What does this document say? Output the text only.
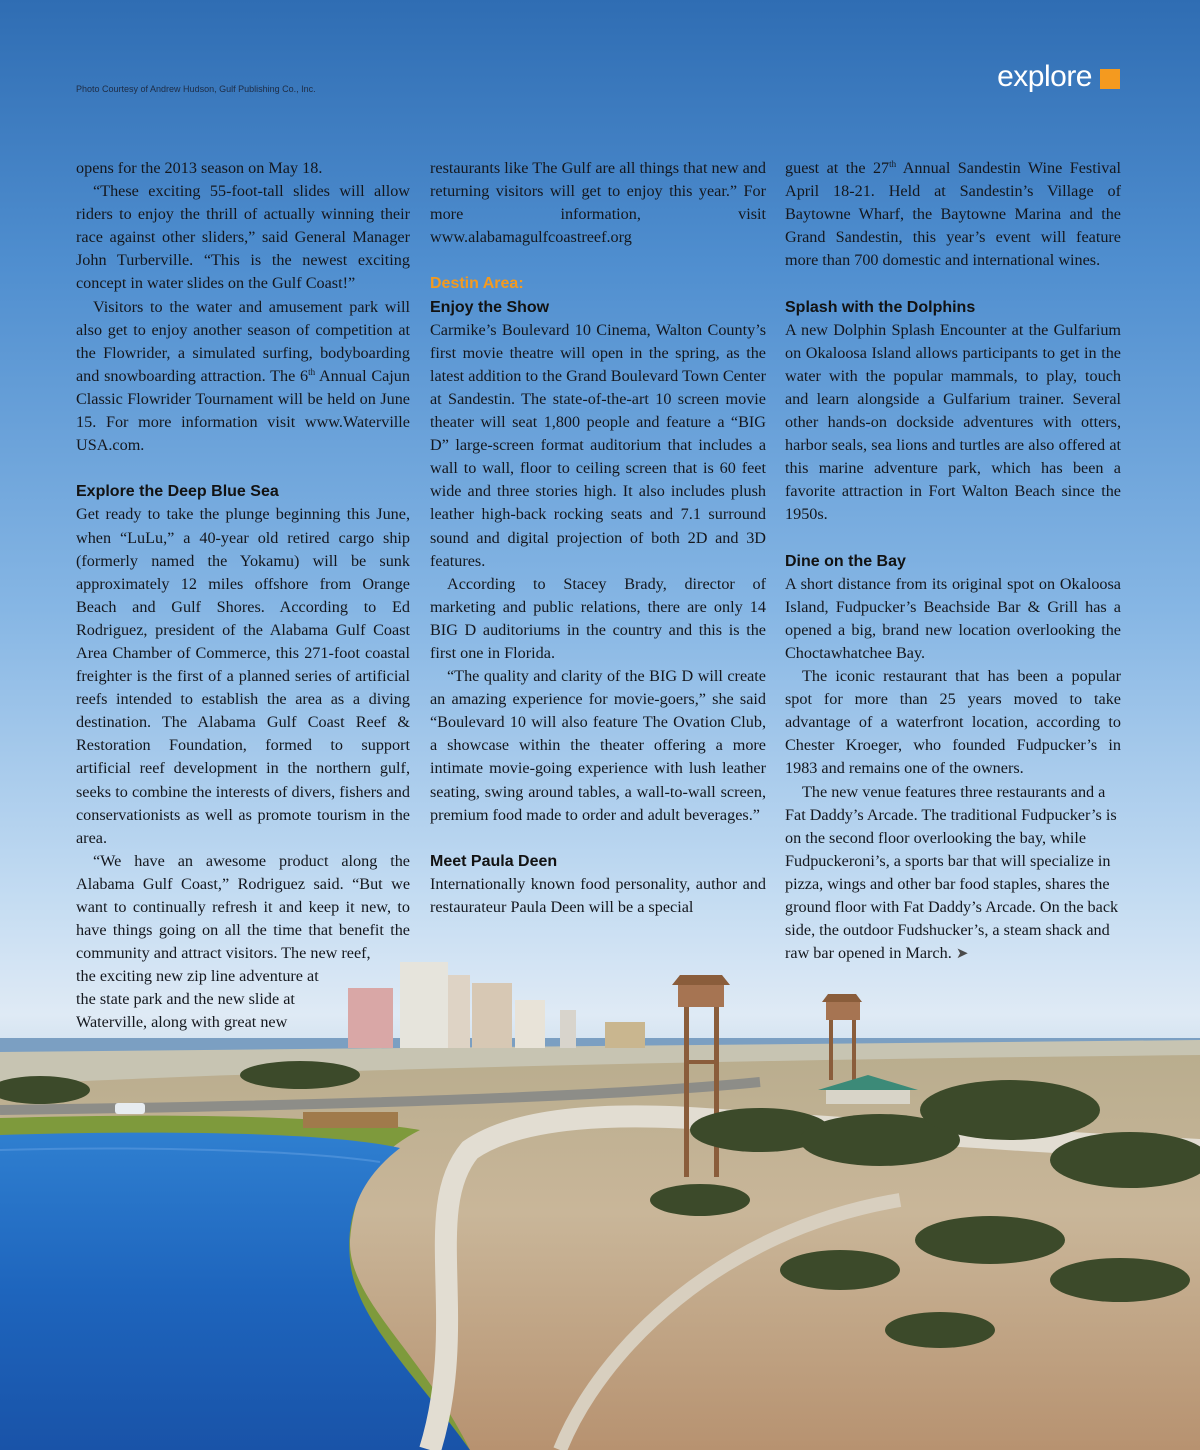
Photo Courtesy of Andrew Hudson, Gulf Publishing Co., Inc.	explore

opens for the 2013 season on May 18.

“These exciting 55-foot-tall slides will allow riders to enjoy the thrill of actually winning their race against other sliders,” said General Manager John Turberville. “This is the newest exciting concept in water slides on the Gulf Coast!”

Visitors to the water and amusement park will also get to enjoy another season of competition at the Flowrider, a simulated surfing, bodyboarding and snowboarding attraction. The 6th Annual Cajun Classic Flowrider Tournament will be held on June 15. For more information visit www.Waterville USA.com.

Explore the Deep Blue Sea

Get ready to take the plunge beginning this June, when “LuLu,” a 40-year old retired cargo ship (formerly named the Yokamu) will be sunk approximately 12 miles offshore from Orange Beach and Gulf Shores. According to Ed Rodriguez, president of the Alabama Gulf Coast Area Chamber of Commerce, this 271-foot coastal freighter is the first of a planned series of artificial reefs intended to establish the area as a diving destination. The Alabama Gulf Coast Reef & Restoration Foundation, formed to support artificial reef development in the northern gulf, seeks to combine the interests of divers, fishers and conservationists as well as promote tourism in the area.

“We have an awesome product along the Alabama Gulf Coast,” Rodriguez said. “But we want to continually refresh it and keep it new, to have things going on all the time that benefit the community and attract visitors. The new reef,

the exciting new zip line adventure at

the state park and the new slide at

Waterville, along with great new

restaurants like The Gulf are all things that new and returning visitors will get to enjoy this year.” For more information, visit www.alabamagulfcoastreef.org

Destin Area:
Enjoy the Show

Carmike’s Boulevard 10 Cinema, Walton County’s first movie theatre will open in the spring, as the latest addition to the Grand Boulevard Town Center at Sandestin. The state-of-the-art 10 screen movie theater will seat 1,800 people and feature a “BIG D” large-screen format auditorium that includes a wall to wall, floor to ceiling screen that is 60 feet wide and three stories high. It also includes plush leather high-back rocking seats and 7.1 surround sound and digital projection of both 2D and 3D features.

According to Stacey Brady, director of marketing and public relations, there are only 14 BIG D auditoriums in the country and this is the first one in Florida.

“The quality and clarity of the BIG D will create an amazing experience for movie-goers,” she said “Boulevard 10 will also feature The Ovation Club, a showcase within the theater offering a more intimate movie-going experience with lush leather seating, swing around tables, a wall-to-wall screen, premium food made to order and adult beverages.”

Meet Paula Deen

Internationally known food personality, author and restaurateur Paula Deen will be a special

guest at the 27th Annual Sandestin Wine Festival April 18-21. Held at Sandestin’s Village of Baytowne Wharf, the Baytowne Marina and the Grand Sandestin, this year’s event will feature more than 700 domestic and international wines.

Splash with the Dolphins

A new Dolphin Splash Encounter at the Gulfarium on Okaloosa Island allows participants to get in the water with the popular mammals, to play, touch and learn alongside a Gulfarium trainer. Several other hands-on dockside adventures with otters, harbor seals, sea lions and turtles are also offered at this marine adventure park, which has been a favorite attraction in Fort Walton Beach since the 1950s.

Dine on the Bay

A short distance from its original spot on Okaloosa Island, Fudpucker’s Beachside Bar & Grill has a opened a big, brand new location overlooking the Choctawhatchee Bay.

The iconic restaurant that has been a popular spot for more than 25 years moved to take advantage of a waterfront location, according to Chester Kroeger, who founded Fudpucker’s in 1983 and remains one of the owners.

The new venue features three restaurants and a Fat Daddy’s Arcade. The traditional Fudpucker’s is on the second floor overlooking the bay, while Fudpuckeroni’s, a sports bar that will specialize in pizza, wings and other bar food staples, shares the ground floor with Fat Daddy’s Arcade. On the back side, the outdoor Fudshucker’s, a steam shack and raw bar opened in March. ➤
